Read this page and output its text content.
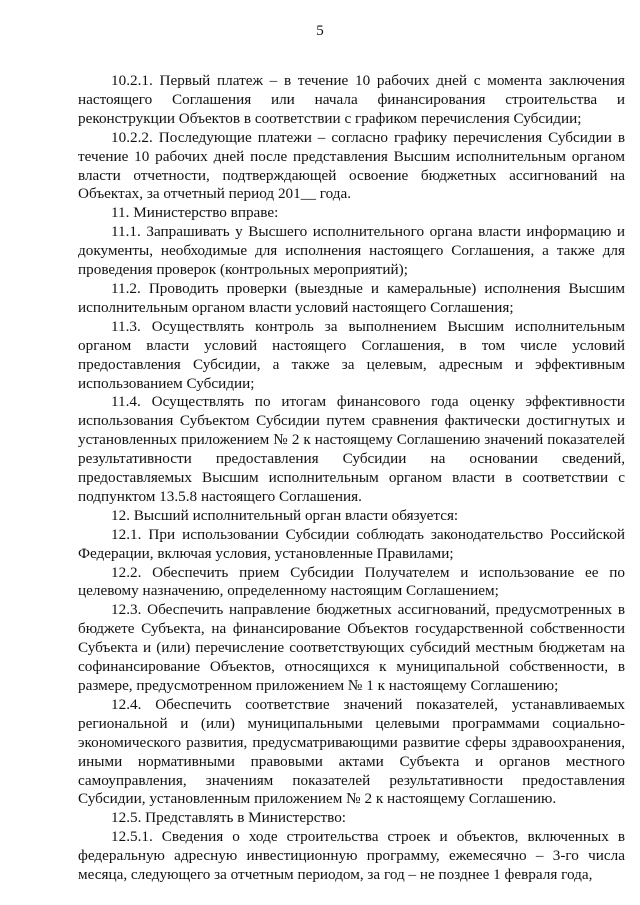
5

10.2.1. Первый платеж – в течение 10 рабочих дней с момента заключения настоящего Соглашения или начала финансирования строительства и реконструкции Объектов в соответствии с графиком перечисления Субсидии;

10.2.2. Последующие платежи – согласно графику перечисления Субсидии в течение 10 рабочих дней после представления Высшим исполнительным органом власти отчетности, подтверждающей освоение бюджетных ассигнований на Объектах, за отчетный период 201__ года.

11. Министерство вправе:

11.1. Запрашивать у Высшего исполнительного органа власти информацию и документы, необходимые для исполнения настоящего Соглашения, а также для проведения проверок (контрольных мероприятий);

11.2. Проводить проверки (выездные и камеральные) исполнения Высшим исполнительным органом власти условий настоящего Соглашения;

11.3. Осуществлять контроль за выполнением Высшим исполнительным органом власти условий настоящего Соглашения, в том числе условий предоставления Субсидии, а также за целевым, адресным и эффективным использованием Субсидии;

11.4. Осуществлять по итогам финансового года оценку эффективности использования Субъектом Субсидии путем сравнения фактически достигнутых и установленных приложением № 2 к настоящему Соглашению значений показателей результативности предоставления Субсидии на основании сведений, предоставляемых Высшим исполнительным органом власти в соответствии с подпунктом 13.5.8 настоящего Соглашения.

12. Высший исполнительный орган власти обязуется:

12.1. При использовании Субсидии соблюдать законодательство Российской Федерации, включая условия, установленные Правилами;

12.2. Обеспечить прием Субсидии Получателем и использование ее по целевому назначению, определенному настоящим Соглашением;

12.3. Обеспечить направление бюджетных ассигнований, предусмотренных в бюджете Субъекта, на финансирование Объектов государственной собственности Субъекта и (или) перечисление соответствующих субсидий местным бюджетам на софинансирование Объектов, относящихся к муниципальной собственности, в размере, предусмотренном приложением № 1 к настоящему Соглашению;

12.4. Обеспечить соответствие значений показателей, устанавливаемых региональной и (или) муниципальными целевыми программами социально-экономического развития, предусматривающими развитие сферы здравоохранения, иными нормативными правовыми актами Субъекта и органов местного самоуправления, значениям показателей результативности предоставления Субсидии, установленным приложением № 2 к настоящему Соглашению.

12.5. Представлять в Министерство:

12.5.1. Сведения о ходе строительства строек и объектов, включенных в федеральную адресную инвестиционную программу, ежемесячно – 3-го числа месяца, следующего за отчетным периодом, за год – не позднее 1 февраля года,
